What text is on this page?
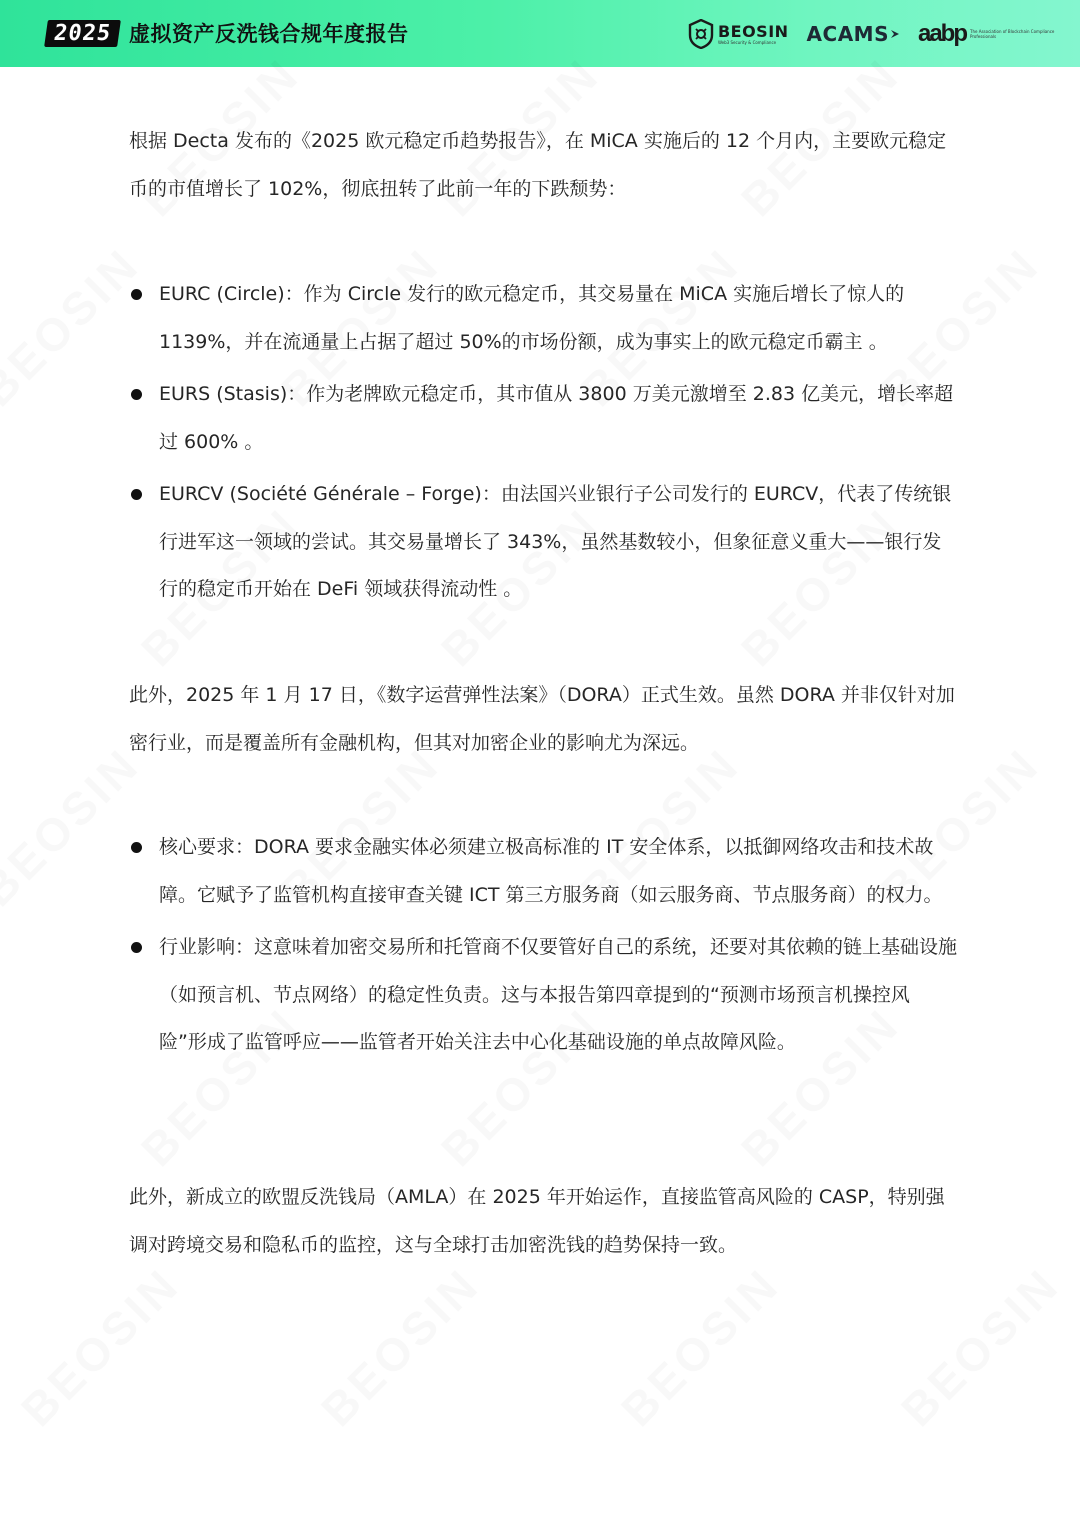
2025 虚拟资产反洗钱合规年度报告	BEOSIN
Web3 Security & Compliance	ACAMS aabp The Association of Blockchain Compliance Professionals

根据 Decta 发布的《2025 欧元稳定币趋势报告》，在 MiCA 实施后的 12 个月内，主要欧元稳定币的市值增长了 102%，彻底扭转了此前一年的下跌颓势：

EURC (Circle)：作为 Circle 发行的欧元稳定币，其交易量在 MiCA 实施后增长了惊人的 1139%，并在流通量上占据了超过 50%的市场份额，成为事实上的欧元稳定币霸主 。
EURS (Stasis)：作为老牌欧元稳定币，其市值从 3800 万美元激增至 2.83 亿美元，增长率超过 600% 。
EURCV (Société Générale – Forge)：由法国兴业银行子公司发行的 EURCV，代表了传统银行进军这一领域的尝试。其交易量增长了 343%，虽然基数较小，但象征意义重大——银行发行的稳定币开始在 DeFi 领域获得流动性 。

此外，2025 年 1 月 17 日，《数字运营弹性法案》（DORA）正式生效。虽然 DORA 并非仅针对加密行业，而是覆盖所有金融机构，但其对加密企业的影响尤为深远。

核心要求：DORA 要求金融实体必须建立极高标准的 IT 安全体系，以抵御网络攻击和技术故障。它赋予了监管机构直接审查关键 ICT 第三方服务商（如云服务商、节点服务商）的权力。
行业影响：这意味着加密交易所和托管商不仅要管好自己的系统，还要对其依赖的链上基础设施（如预言机、节点网络）的稳定性负责。这与本报告第四章提到的“预测市场预言机操控风险”形成了监管呼应——监管者开始关注去中心化基础设施的单点故障风险。

此外，新成立的欧盟反洗钱局（AMLA）在 2025 年开始运作，直接监管高风险的 CASP，特别强调对跨境交易和隐私币的监控，这与全球打击加密洗钱的趋势保持一致。
